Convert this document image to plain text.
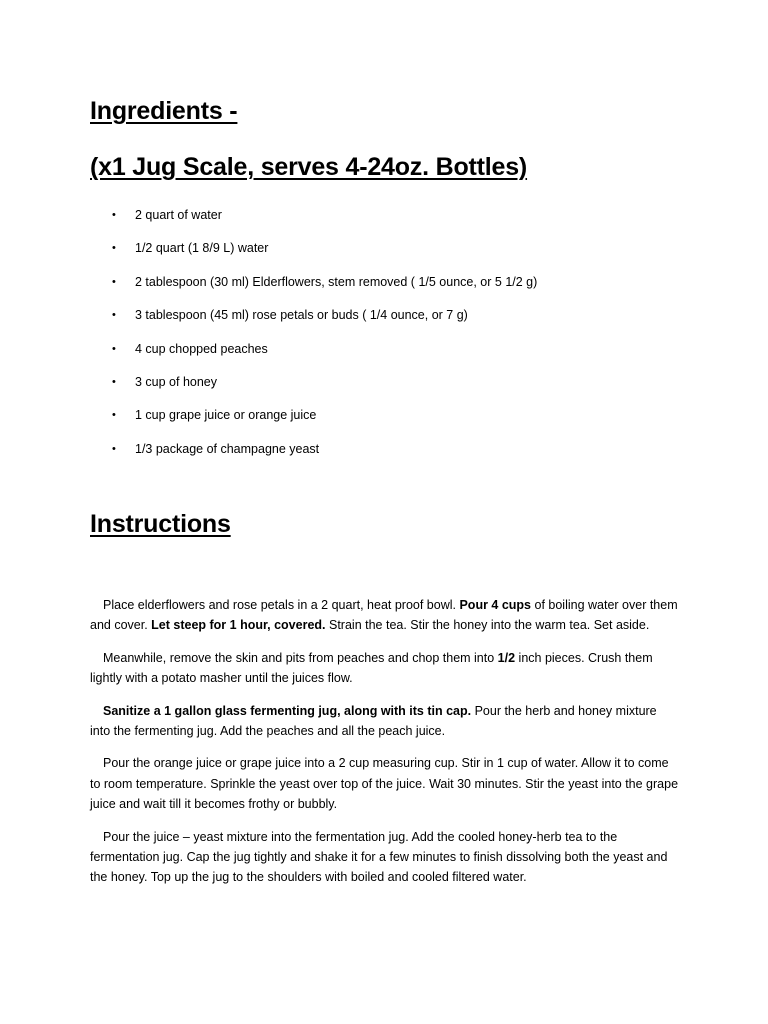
Ingredients -
(x1 Jug Scale, serves 4-24oz. Bottles)
• 2 quart of water
• 1/2 quart (1 8/9 L) water
• 2 tablespoon (30 ml) Elderflowers, stem removed ( 1/5 ounce, or 5 1/2 g)
• 3 tablespoon (45 ml) rose petals or buds ( 1/4 ounce, or 7 g)
• 4 cup chopped peaches
• 3 cup of honey
• 1 cup grape juice or orange juice
• 1/3 package of champagne yeast
Instructions

Place elderflowers and rose petals in a 2 quart, heat proof bowl. Pour 4 cups of boiling water over them and cover. Let steep for 1 hour, covered. Strain the tea. Stir the honey into the warm tea. Set aside.

Meanwhile, remove the skin and pits from peaches and chop them into 1/2 inch pieces. Crush them lightly with a potato masher until the juices flow.

Sanitize a 1 gallon glass fermenting jug, along with its tin cap. Pour the herb and honey mixture into the fermenting jug. Add the peaches and all the peach juice.

Pour the orange juice or grape juice into a 2 cup measuring cup. Stir in 1 cup of water. Allow it to come to room temperature. Sprinkle the yeast over top of the juice. Wait 30 minutes. Stir the yeast into the grape juice and wait till it becomes frothy or bubbly.

Pour the juice – yeast mixture into the fermentation jug. Add the cooled honey-herb tea to the fermentation jug. Cap the jug tightly and shake it for a few minutes to finish dissolving both the yeast and the honey. Top up the jug to the shoulders with boiled and cooled filtered water.
